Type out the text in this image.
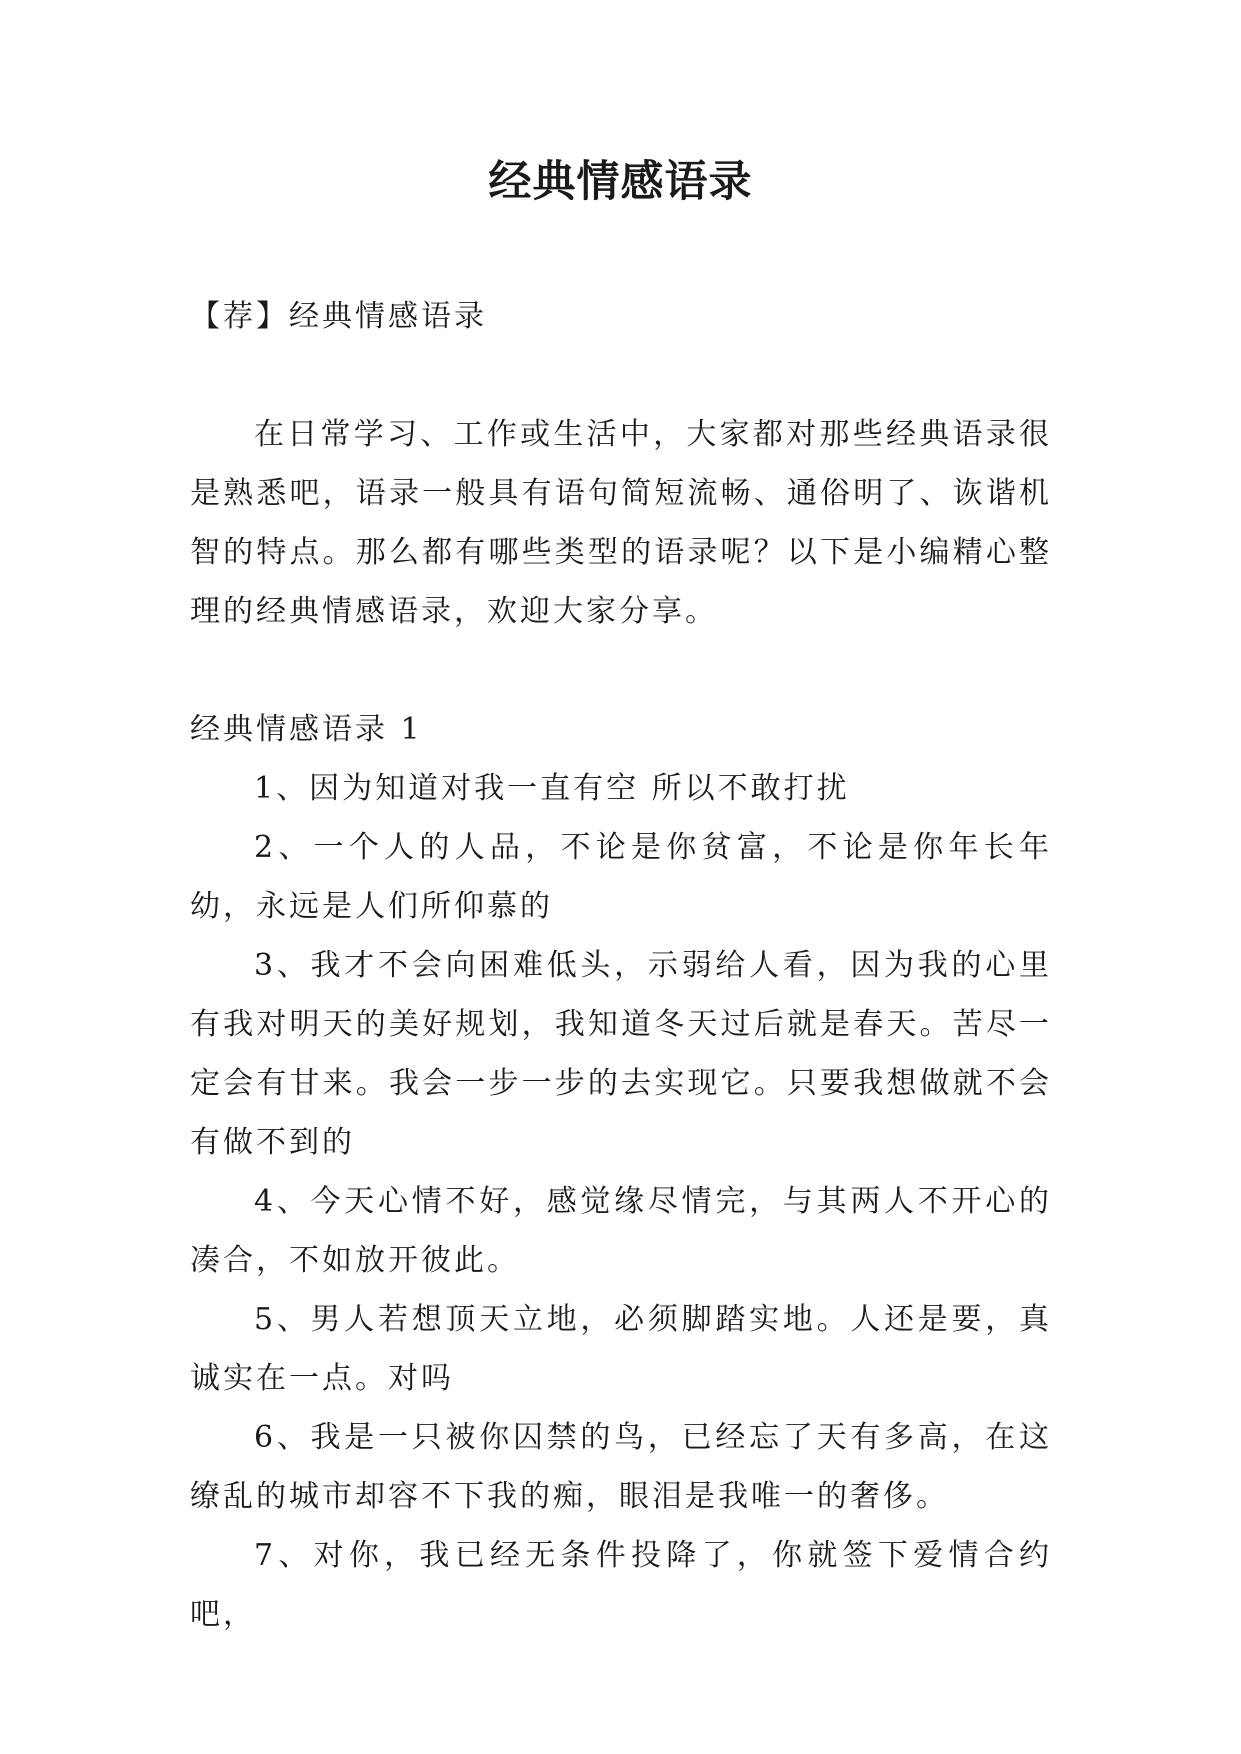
经典情感语录

【荐】经典情感语录

在日常学习、工作或生活中，大家都对那些经典语录很是熟悉吧，语录一般具有语句简短流畅、通俗明了、诙谐机智的特点。那么都有哪些类型的语录呢？以下是小编精心整理的经典情感语录，欢迎大家分享。

经典情感语录 1

1、因为知道对我一直有空 所以不敢打扰

2、一个人的人品，不论是你贫富，不论是你年长年幼，永远是人们所仰慕的

3、我才不会向困难低头，示弱给人看，因为我的心里有我对明天的美好规划，我知道冬天过后就是春天。苦尽一定会有甘来。我会一步一步的去实现它。只要我想做就不会有做不到的

4、今天心情不好，感觉缘尽情完，与其两人不开心的凑合，不如放开彼此。

5、男人若想顶天立地，必须脚踏实地。人还是要，真诚实在一点。对吗

6、我是一只被你囚禁的鸟，已经忘了天有多高，在这缭乱的城市却容不下我的痴，眼泪是我唯一的奢侈。

7、对你，我已经无条件投降了，你就签下爱情合约吧，
